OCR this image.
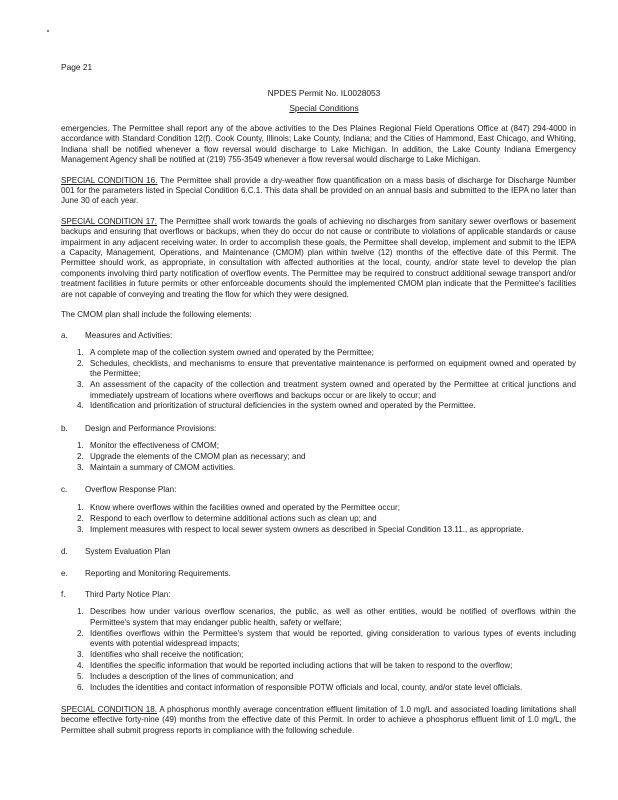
Page 21
NPDES Permit No. IL0028053
Special Conditions

emergencies. The Permittee shall report any of the above activities to the Des Plaines Regional Field Operations Office at (847) 294-4000 in accordance with Standard Condition 12(f). Cook County, Illinois; Lake County, Indiana; and the Cities of Hammond, East Chicago, and Whiting, Indiana shall be notified whenever a flow reversal would discharge to Lake Michigan. In addition, the Lake County Indiana Emergency Management Agency shall be notified at (219) 755-3549 whenever a flow reversal would discharge to Lake Michigan.

SPECIAL CONDITION 16. The Permittee shall provide a dry-weather flow quantification on a mass basis of discharge for Discharge Number 001 for the parameters listed in Special Condition 6.C.1. This data shall be provided on an annual basis and submitted to the IEPA no later than June 30 of each year.

SPECIAL CONDITION 17. The Permittee shall work towards the goals of achieving no discharges from sanitary sewer overflows or basement backups and ensuring that overflows or backups, when they do occur do not cause or contribute to violations of applicable standards or cause impairment in any adjacent receiving water. In order to accomplish these goals, the Permittee shall develop, implement and submit to the IEPA a Capacity, Management, Operations, and Maintenance (CMOM) plan within twelve (12) months of the effective date of this Permit. The Permittee should work, as appropriate, in consultation with affected authorities at the local, county, and/or state level to develop the plan components involving third party notification of overflow events. The Permittee may be required to construct additional sewage transport and/or treatment facilities in future permits or other enforceable documents should the implemented CMOM plan indicate that the Permittee's facilities are not capable of conveying and treating the flow for which they were designed.

The CMOM plan shall include the following elements:

a.	Measures and Activities:
1. A complete map of the collection system owned and operated by the Permittee;
2. Schedules, checklists, and mechanisms to ensure that preventative maintenance is performed on equipment owned and operated by the Permittee;
3. An assessment of the capacity of the collection and treatment system owned and operated by the Permittee at critical junctions and immediately upstream of locations where overflows and backups occur or are likely to occur; and
4. Identification and prioritization of structural deficiencies in the system owned and operated by the Permittee.
b.	Design and Performance Provisions:
1. Monitor the effectiveness of CMOM;
2. Upgrade the elements of the CMOM plan as necessary; and
3. Maintain a summary of CMOM activities.
c.	Overflow Response Plan:
1. Know where overflows within the facilities owned and operated by the Permittee occur;
2. Respond to each overflow to determine additional actions such as clean up; and
3. Implement measures with respect to local sewer system owners as described in Special Condition 13.11., as appropriate.
d.	System Evaluation Plan
e.	Reporting and Monitoring Requirements.
f.	Third Party Notice Plan:
1. Describes how under various overflow scenarios, the public, as well as other entities, would be notified of overflows within the Permittee's system that may endanger public health, safety or welfare;
2. Identifies overflows within the Permittee's system that would be reported, giving consideration to various types of events including events with potential widespread impacts;
3. Identifies who shall receive the notification;
4. Identifies the specific information that would be reported including actions that will be taken to respond to the overflow;
5. Includes a description of the lines of communication; and
6. Includes the identities and contact information of responsible POTW officials and local, county, and/or state level officials.

SPECIAL CONDITION 18. A phosphorus monthly average concentration effluent limitation of 1.0 mg/L and associated loading limitations shall become effective forty-nine (49) months from the effective date of this Permit. In order to achieve a phosphorus effluent limit of 1.0 mg/L, the Permittee shall submit progress reports in compliance with the following schedule.
